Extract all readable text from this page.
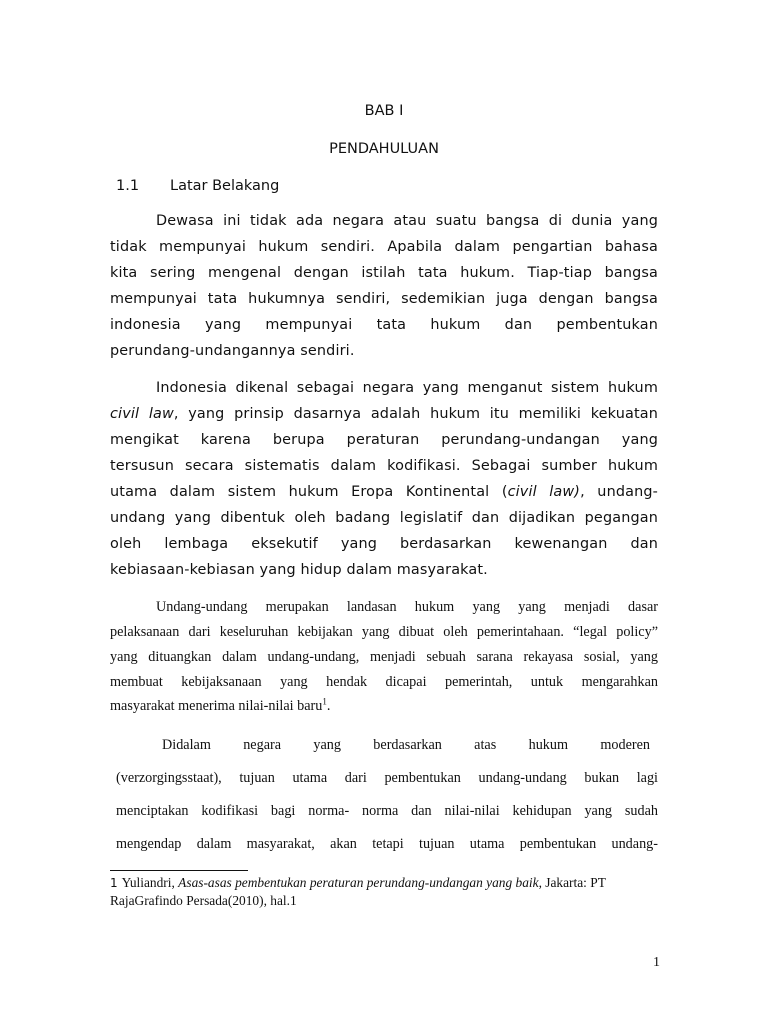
BAB I
PENDAHULUAN
1.1 Latar Belakang
Dewasa ini tidak ada negara atau suatu bangsa di dunia yang
tidak mempunyai hukum sendiri. Apabila dalam pengartian bahasa
kita sering mengenal dengan istilah tata hukum. Tiap-tiap bangsa
mempunyai tata hukumnya sendiri, sedemikian juga dengan bangsa
indonesia yang mempunyai tata hukum dan pembentukan
perundang-undangannya sendiri.
Indonesia dikenal sebagai negara yang menganut sistem hukum
civil law, yang prinsip dasarnya adalah hukum itu memiliki kekuatan
mengikat karena berupa peraturan perundang-undangan yang
tersusun secara sistematis dalam kodifikasi. Sebagai sumber hukum
utama dalam sistem hukum Eropa Kontinental (civil law), undang-
undang yang dibentuk oleh badang legislatif dan dijadikan pegangan
oleh lembaga eksekutif yang berdasarkan kewenangan dan
kebiasaan-kebiasan yang hidup dalam masyarakat.
Undang-undang merupakan landasan hukum yang yang menjadi dasar
pelaksanaan dari keseluruhan kebijakan yang dibuat oleh pemerintahaan. “legal policy”
yang dituangkan dalam undang-undang, menjadi sebuah sarana rekayasa sosial, yang
membuat kebijaksanaan yang hendak dicapai pemerintah, untuk mengarahkan
masyarakat menerima nilai-nilai baru$^1$.
Didalam negara yang berdasarkan atas hukum moderen
(verzorgingsstaat), tujuan utama dari pembentukan undang-undang bukan lagi
menciptakan kodifikasi bagi norma- norma dan nilai-nilai kehidupan yang sudah
mengendap dalam masyarakat, akan tetapi tujuan utama pembentukan undang-
1 Yuliandri, Asas-asas pembentukan peraturan perundang-undangan yang baik, Jakarta: PT
RajaGrafindo Persada(2010), hal.1
1
